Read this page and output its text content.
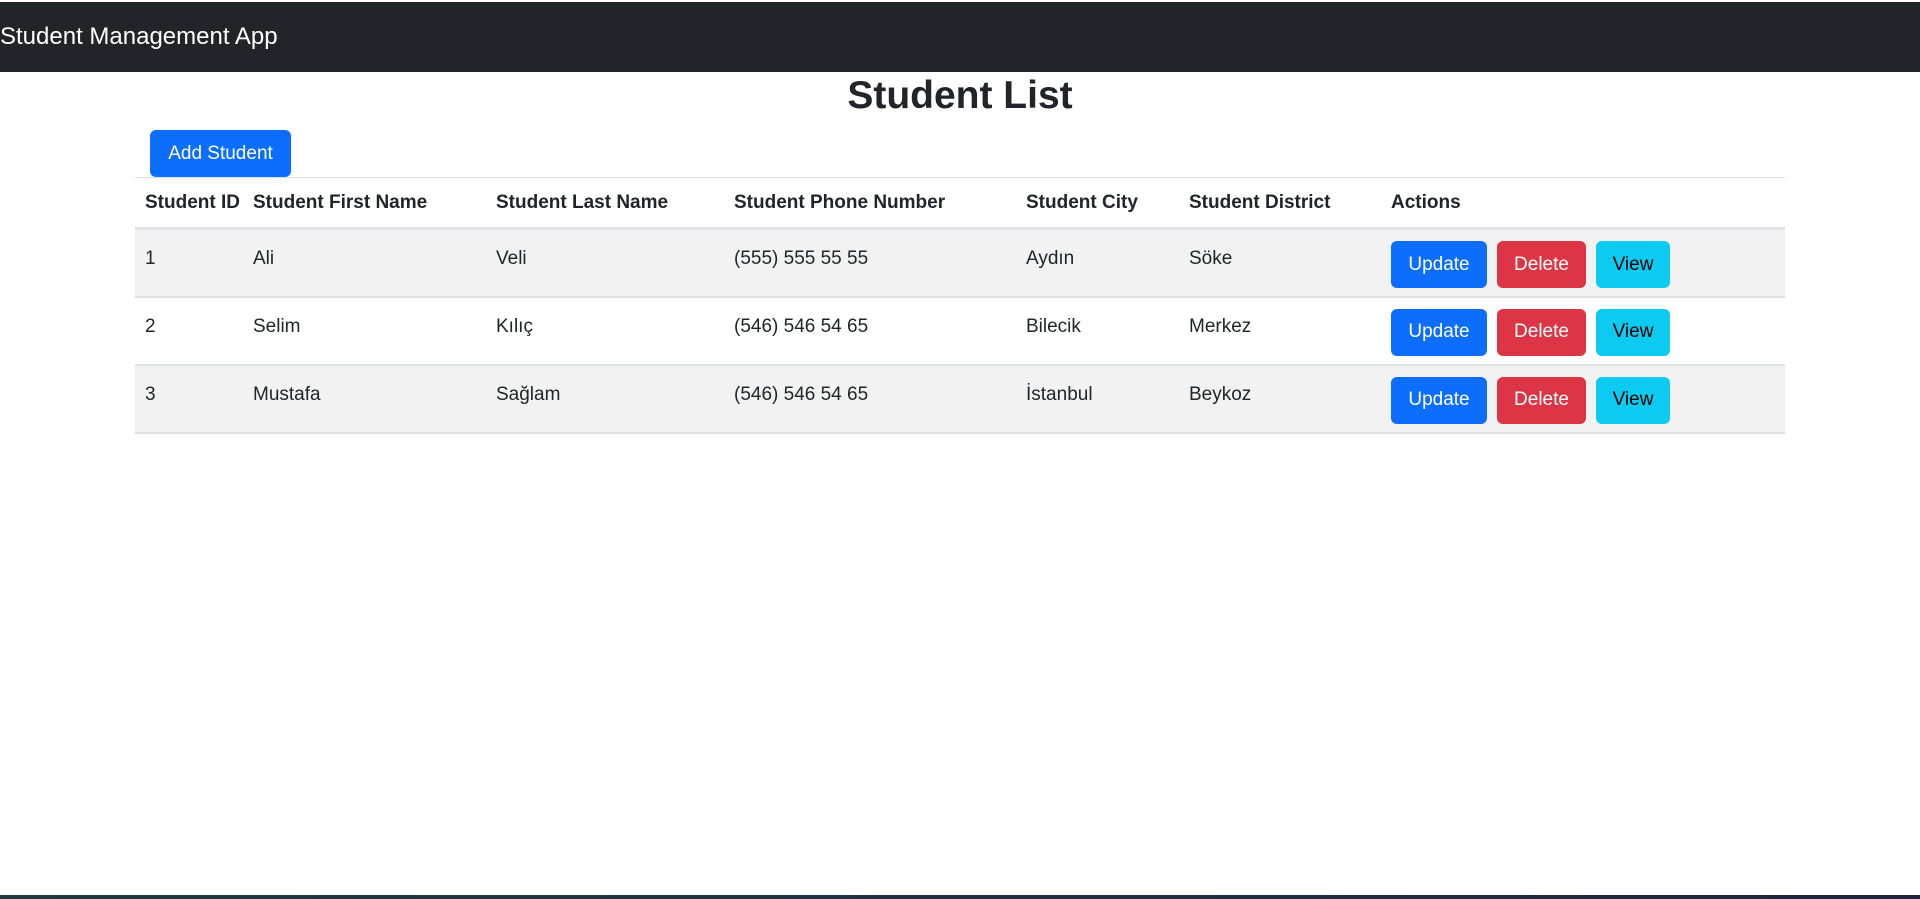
Student Management App
Student List
Add Student
Student ID	Student First Name	Student Last Name	Student Phone Number	Student City	Student District	Actions
1	Ali	Veli	(555) 555 55 55	Aydın	Söke	Update Delete View
2	Selim	Kılıç	(546) 546 54 65	Bilecik	Merkez	Update Delete View
3	Mustafa	Sağlam	(546) 546 54 65	İstanbul	Beykoz	Update Delete View
